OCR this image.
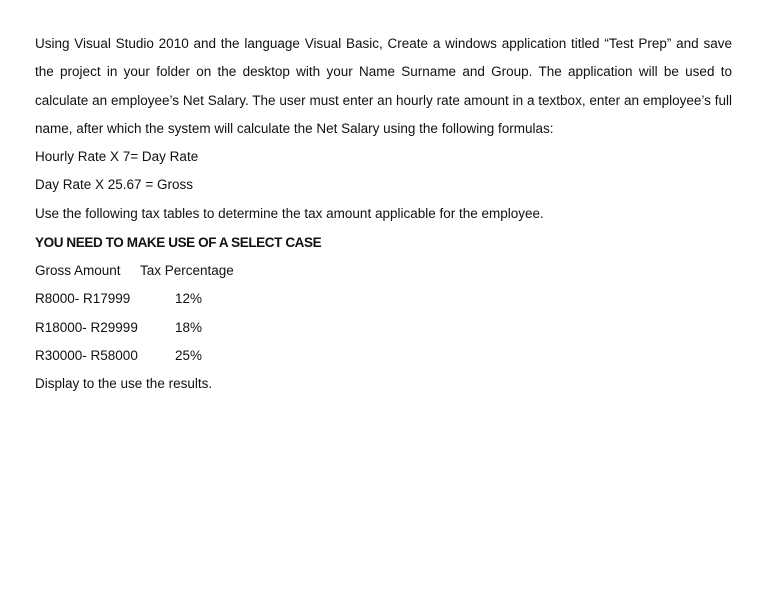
Using Visual Studio 2010 and the language Visual Basic, Create a windows application titled “Test Prep” and save the project in your folder on the desktop with your Name Surname and Group. The application will be used to calculate an employee’s Net Salary. The user must enter an hourly rate amount in a textbox, enter an employee’s full name, after which the system will calculate the Net Salary using the following formulas:

Hourly Rate X 7= Day Rate

Day Rate X 25.67 = Gross

Use the following tax tables to determine the tax amount applicable for the employee.

YOU NEED TO MAKE USE OF A SELECT CASE

Gross Amount	Tax Percentage
R8000- R17999	12%
R18000- R29999	18%
R30000- R58000	25%

Display to the use the results.
